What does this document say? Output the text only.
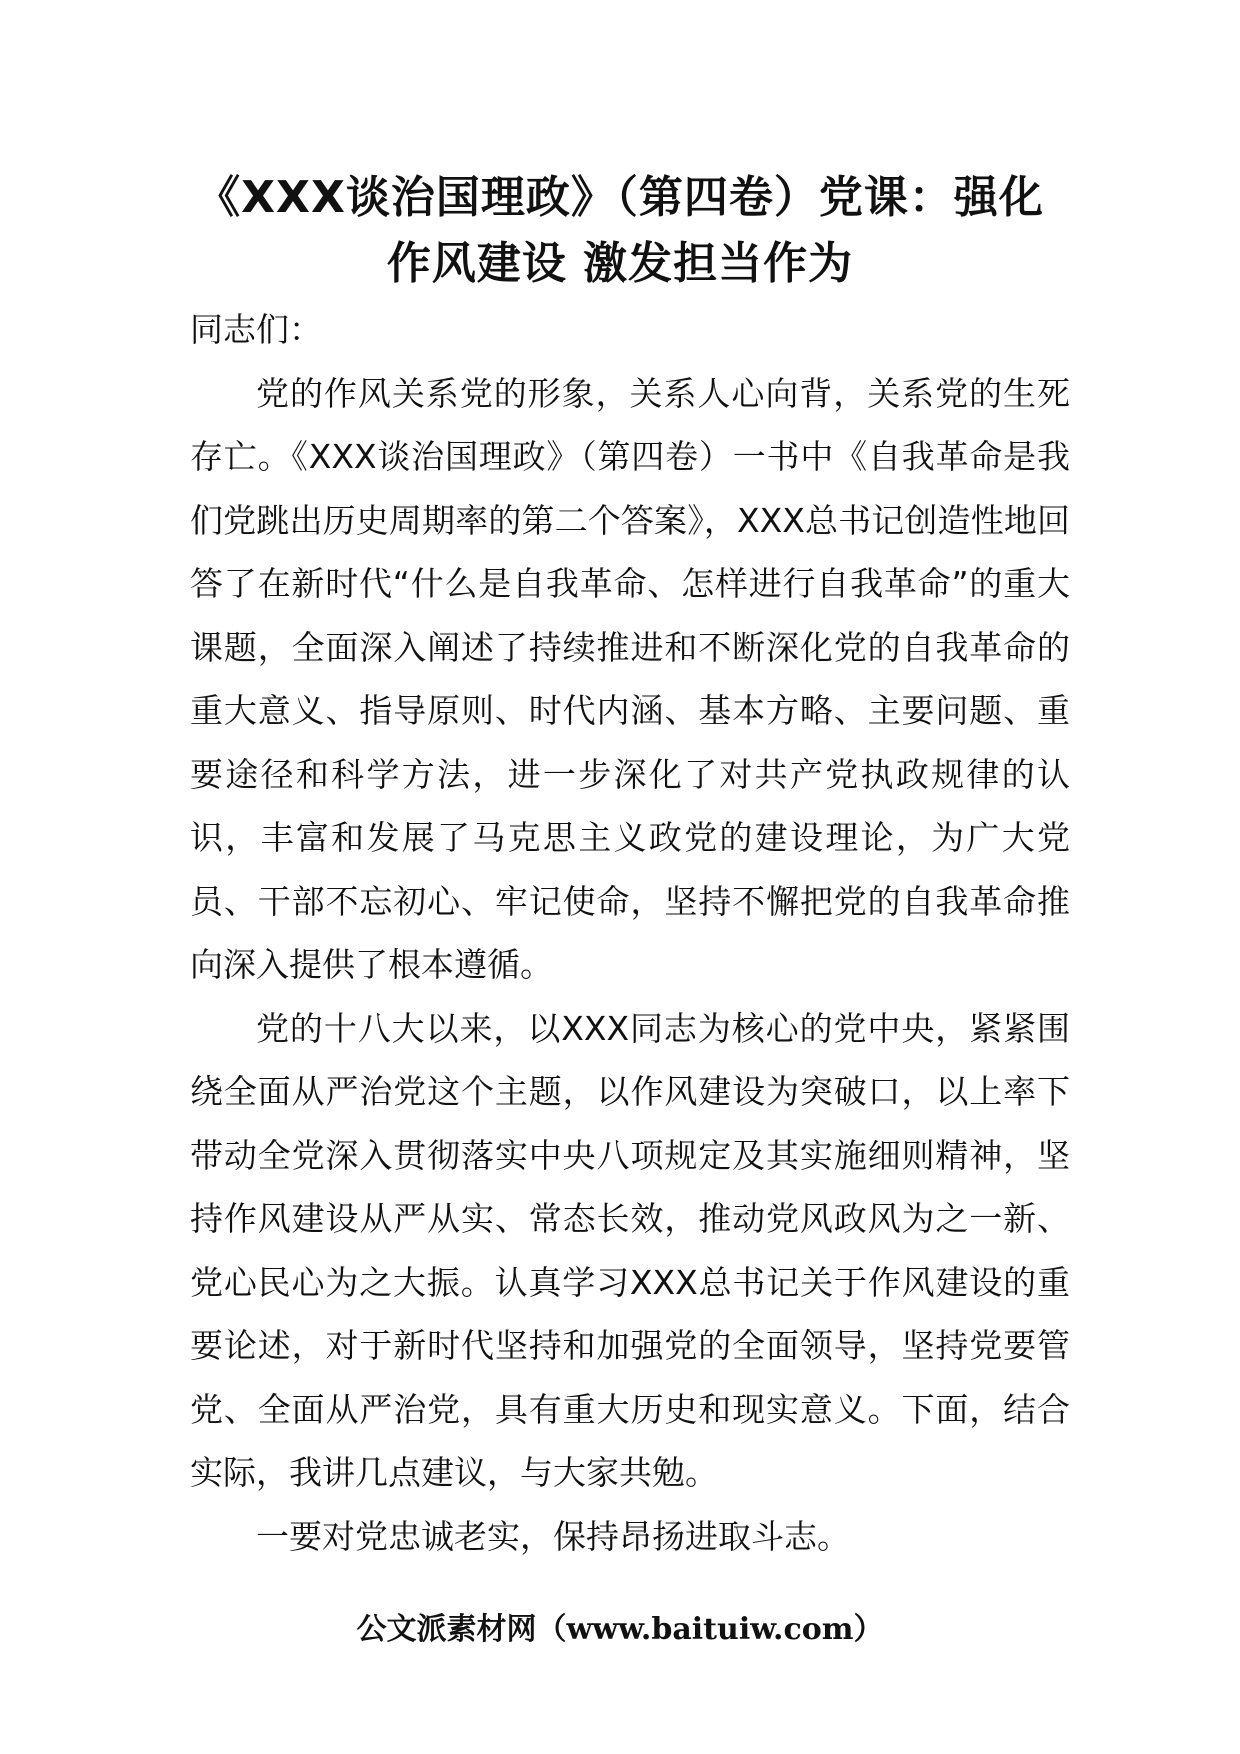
《XXX谈治国理政》（第四卷）党课：强化
作风建设 激发担当作为

同志们：

党的作风关系党的形象，关系人心向背，关系党的生死存亡。《XXX谈治国理政》（第四卷）一书中《自我革命是我们党跳出历史周期率的第二个答案》，XXX总书记创造性地回答了在新时代“什么是自我革命、怎样进行自我革命”的重大课题，全面深入阐述了持续推进和不断深化党的自我革命的重大意义、指导原则、时代内涵、基本方略、主要问题、重要途径和科学方法，进一步深化了对共产党执政规律的认识，丰富和发展了马克思主义政党的建设理论，为广大党员、干部不忘初心、牢记使命，坚持不懈把党的自我革命推向深入提供了根本遵循。

党的十八大以来，以XXX同志为核心的党中央，紧紧围绕全面从严治党这个主题，以作风建设为突破口，以上率下带动全党深入贯彻落实中央八项规定及其实施细则精神，坚持作风建设从严从实、常态长效，推动党风政风为之一新、党心民心为之大振。认真学习XXX总书记关于作风建设的重要论述，对于新时代坚持和加强党的全面领导，坚持党要管党、全面从严治党，具有重大历史和现实意义。下面，结合实际，我讲几点建议，与大家共勉。

一要对党忠诚老实，保持昂扬进取斗志。

公文派素材网（www.baituiw.com）
